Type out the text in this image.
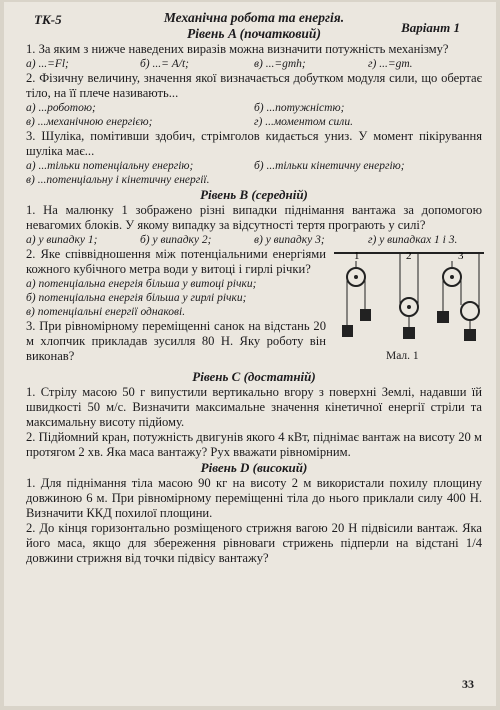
ТК-5	Механічна робота та енергія.
Рівень A (початковий)	Варіант 1

1. За яким з нижче наведених виразів можна визначити потужність механізму?

а) ...=Fl;	б) ...= A/t;	в) ...=gmh;	г) ...=gm.

2. Фізичну величину, значення якої визначається добутком модуля сили, що обертає тіло, на її плече називають...

а) ...роботою;	б) ...потужністю;
в) ...механічною енергією;	г) ...моментом сили.

3. Шуліка, помітивши здобич, стрімголов кидається униз. У момент пікірування шуліка має...

а) ...тільки потенціальну енергію;	б) ...тільки кінетичну енергію;
в) ...потенціальну і кінетичну енергії.
Рівень B (середній)

1. На малюнку 1 зображено різні випадки піднімання вантажа за допомогою невагомих блоків. У якому випадку за відсутності тертя програють у силі?

а) у випадку 1;	б) у випадку 2;	в) у випадку 3;	г) у випадках 1 і 3.

2. Яке співвідношення між потенціальними енергіями кожного кубічного метра води у витоці і гирлі річки?

а) потенціальна енергія більша у витоці річки;
б) потенціальна енергія більша у гирлі річки;
в) потенціальні енергії однакові.

3. При рівномірному переміщенні санок на відстань 20 м хлопчик прикладав зусилля 80 Н. Яку роботу він виконав?

1	2	3
Мал. 1
Рівень C (достатній)

1. Стрілу масою 50 г випустили вертикально вгору з поверхні Землі, надавши їй швидкості 50 м/с. Визначити максимальне значення кінетичної енергії стріли та максимальну висоту підйому.

2. Підйомний кран, потужність двигунів якого 4 кВт, піднімає вантаж на висоту 20 м протягом 2 хв. Яка маса вантажу? Рух вважати рівномірним.

Рівень D (високий)

1. Для піднімання тіла масою 90 кг на висоту 2 м використали похилу площину довжиною 6 м. При рівномірному переміщенні тіла до нього приклали силу 400 Н. Визначити ККД похилої площини.

2. До кінця горизонтально розміщеного стрижня вагою 20 Н підвісили вантаж. Яка його маса, якщо для збереження рівноваги стрижень підперли на відстані 1/4 довжини стрижня від точки підвісу вантажу?

33
